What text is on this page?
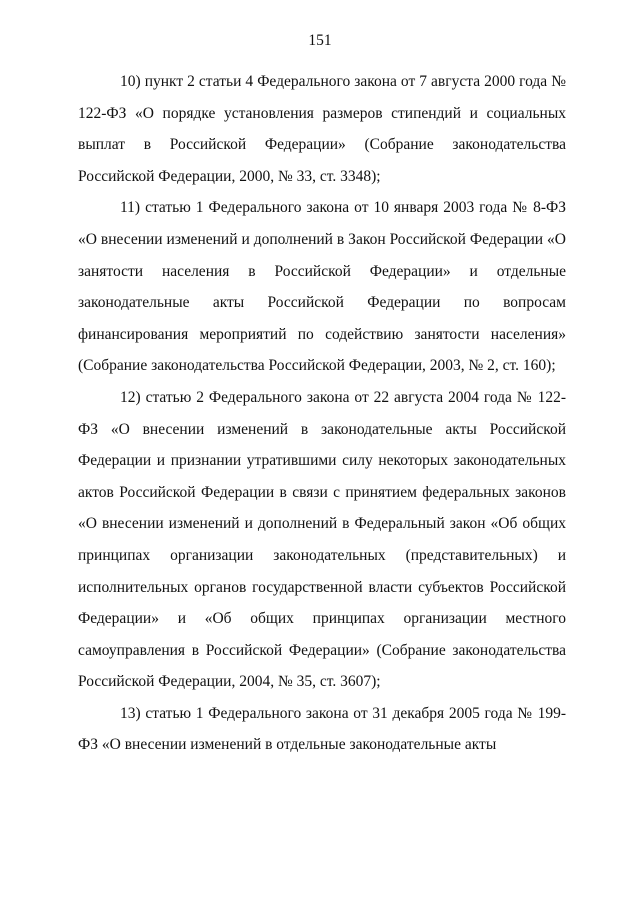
151

10) пункт 2 статьи 4 Федерального закона от 7 августа 2000 года № 122-ФЗ «О порядке установления размеров стипендий и социальных выплат в Российской Федерации» (Собрание законодательства Российской Федерации, 2000, № 33, ст. 3348);

11) статью 1 Федерального закона от 10 января 2003 года № 8-ФЗ «О внесении изменений и дополнений в Закон Российской Федерации «О занятости населения в Российской Федерации» и отдельные законодательные акты Российской Федерации по вопросам финансирования мероприятий по содействию занятости населения» (Собрание законодательства Российской Федерации, 2003, № 2, ст. 160);

12) статью 2 Федерального закона от 22 августа 2004 года № 122-ФЗ «О внесении изменений в законодательные акты Российской Федерации и признании утратившими силу некоторых законодательных актов Российской Федерации в связи с принятием федеральных законов «О внесении изменений и дополнений в Федеральный закон «Об общих принципах организации законодательных (представительных) и исполнительных органов государственной власти субъектов Российской Федерации» и «Об общих принципах организации местного самоуправления в Российской Федерации» (Собрание законодательства Российской Федерации, 2004, № 35, ст. 3607);

13) статью 1 Федерального закона от 31 декабря 2005 года № 199-ФЗ «О внесении изменений в отдельные законодательные акты
